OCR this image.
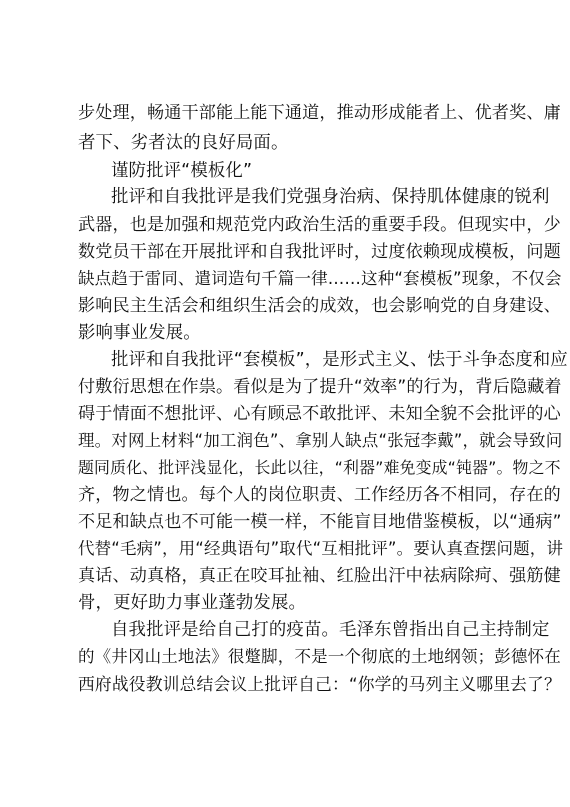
步处理，畅通干部能上能下通道，推动形成能者上、优者奖、庸
者下、劣者汰的良好局面。
谨防批评“模板化”
批评和自我批评是我们党强身治病、保持肌体健康的锐利
武器，也是加强和规范党内政治生活的重要手段。但现实中，少
数党员干部在开展批评和自我批评时，过度依赖现成模板，问题
缺点趋于雷同、遣词造句千篇一律……这种“套模板”现象，不仅会
影响民主生活会和组织生活会的成效，也会影响党的自身建设、
影响事业发展。
批评和自我批评“套模板”，是形式主义、怯于斗争态度和应
付敷衍思想在作祟。看似是为了提升“效率”的行为，背后隐藏着
碍于情面不想批评、心有顾忌不敢批评、未知全貌不会批评的心
理。对网上材料“加工润色”、拿别人缺点“张冠李戴”，就会导致问
题同质化、批评浅显化，长此以往，“利器”难免变成“钝器”。物之不
齐，物之情也。每个人的岗位职责、工作经历各不相同，存在的
不足和缺点也不可能一模一样，不能盲目地借鉴模板，以“通病”
代替“毛病”，用“经典语句”取代“互相批评”。要认真查摆问题，讲
真话、动真格，真正在咬耳扯袖、红脸出汗中祛病除疴、强筋健
骨，更好助力事业蓬勃发展。
自我批评是给自己打的疫苗。毛泽东曾指出自己主持制定
的《井冈山土地法》很蹩脚，不是一个彻底的土地纲领；彭德怀在
西府战役教训总结会议上批评自己：“你学的马列主义哪里去了？
